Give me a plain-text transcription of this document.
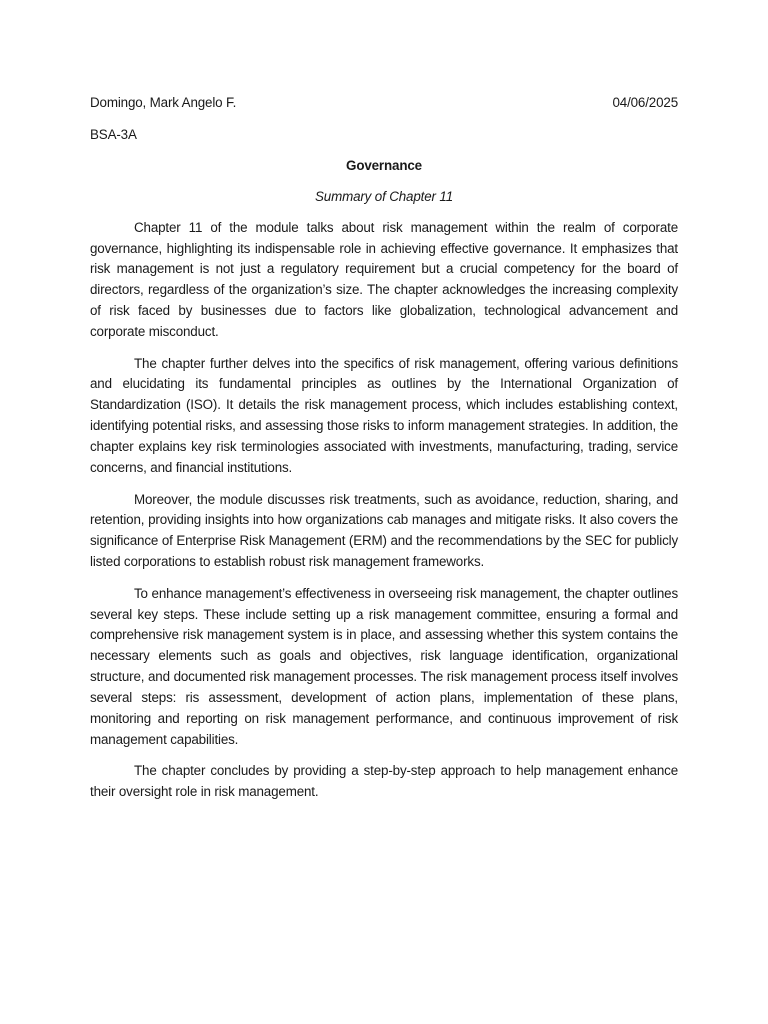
Domingo, Mark Angelo F.	04/06/2025
BSA-3A
Governance
Summary of Chapter 11

Chapter 11 of the module talks about risk management within the realm of corporate governance, highlighting its indispensable role in achieving effective governance. It emphasizes that risk management is not just a regulatory requirement but a crucial competency for the board of directors, regardless of the organization’s size. The chapter acknowledges the increasing complexity of risk faced by businesses due to factors like globalization, technological advancement and corporate misconduct.

The chapter further delves into the specifics of risk management, offering various definitions and elucidating its fundamental principles as outlines by the International Organization of Standardization (ISO). It details the risk management process, which includes establishing context, identifying potential risks, and assessing those risks to inform management strategies. In addition, the chapter explains key risk terminologies associated with investments, manufacturing, trading, service concerns, and financial institutions.

Moreover, the module discusses risk treatments, such as avoidance, reduction, sharing, and retention, providing insights into how organizations cab manages and mitigate risks. It also covers the significance of Enterprise Risk Management (ERM) and the recommendations by the SEC for publicly listed corporations to establish robust risk management frameworks.

To enhance management’s effectiveness in overseeing risk management, the chapter outlines several key steps. These include setting up a risk management committee, ensuring a formal and comprehensive risk management system is in place, and assessing whether this system contains the necessary elements such as goals and objectives, risk language identification, organizational structure, and documented risk management processes. The risk management process itself involves several steps: ris assessment, development of action plans, implementation of these plans, monitoring and reporting on risk management performance, and continuous improvement of risk management capabilities.

The chapter concludes by providing a step-by-step approach to help management enhance their oversight role in risk management.
